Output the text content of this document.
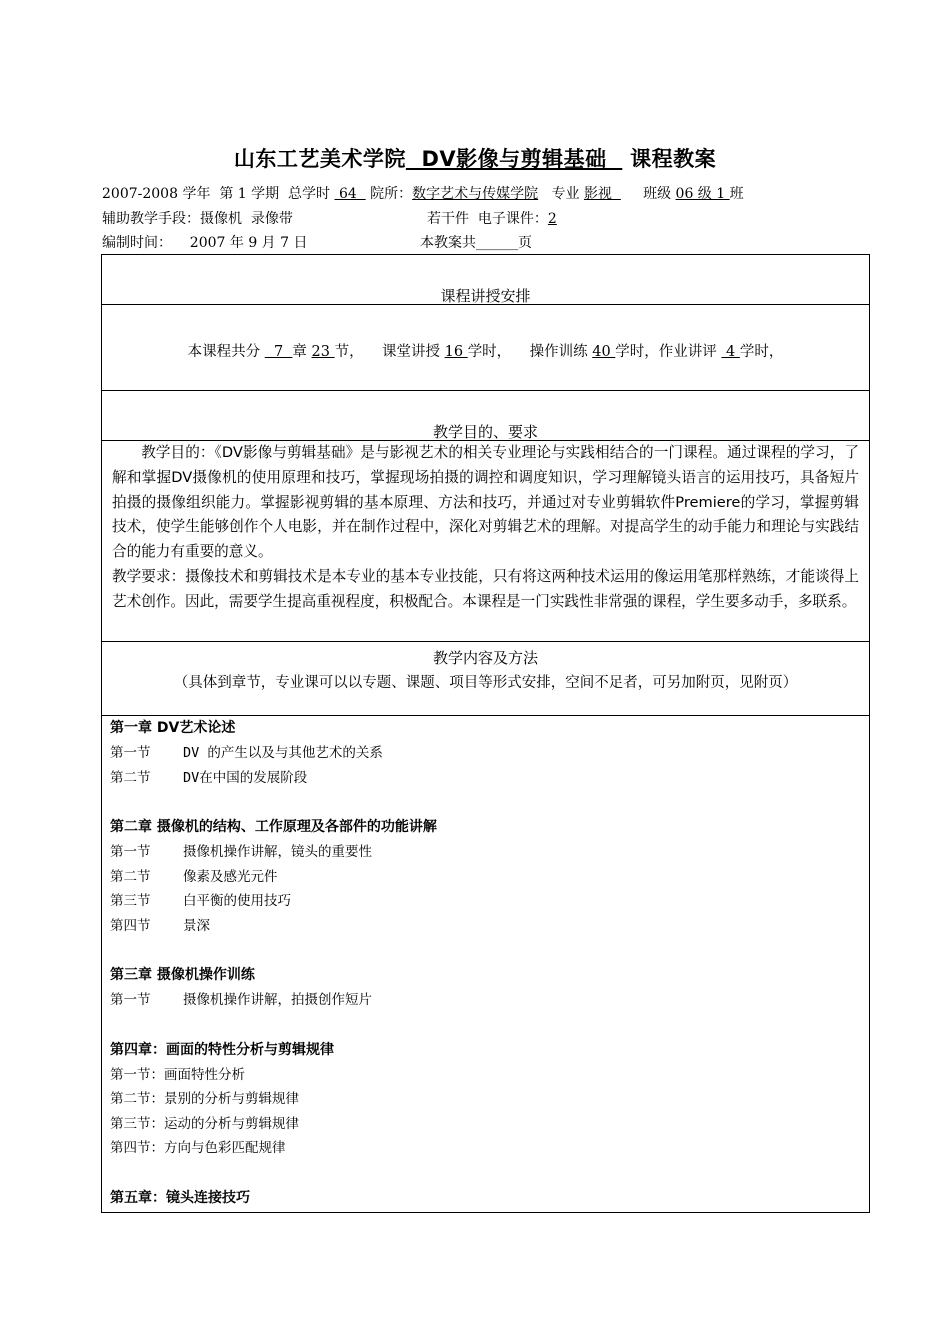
山东工艺美术学院  DV影像与剪辑基础   课程教案
2007-2008 学年  第 1 学期  总学时  64   院所：数字艺术与传媒学院   专业 影视       班级 06 级 1 班
辅助教学手段：摄像机  录像带	若干件  电子课件：2
编制时间：    2007 年 9 月 7 日	本教案共______页
课程讲授安排
本课程共分   7  章 23 节，    课堂讲授 16 学时，    操作训练 40 学时，作业讲评  4 学时，
教学目的、要求

教学目的：《DV影像与剪辑基础》是与影视艺术的相关专业理论与实践相结合的一门课程。通过课程的学习，了解和掌握DV摄像机的使用原理和技巧，掌握现场拍摄的调控和调度知识，学习理解镜头语言的运用技巧，具备短片拍摄的摄像组织能力。掌握影视剪辑的基本原理、方法和技巧，并通过对专业剪辑软件Premiere的学习，掌握剪辑技术，使学生能够创作个人电影，并在制作过程中，深化对剪辑艺术的理解。对提高学生的动手能力和理论与实践结合的能力有重要的意义。

教学要求：摄像技术和剪辑技术是本专业的基本专业技能，只有将这两种技术运用的像运用笔那样熟练，才能谈得上艺术创作。因此，需要学生提高重视程度，积极配合。本课程是一门实践性非常强的课程，学生要多动手，多联系。

教学内容及方法
（具体到章节，专业课可以以专题、课题、项目等形式安排，空间不足者，可另加附页，见附页）
第一章 DV艺术论述
第一节    DV 的产生以及与其他艺术的关系
第二节    DV在中国的发展阶段
第二章 摄像机的结构、工作原理及各部件的功能讲解
第一节    摄像机操作讲解，镜头的重要性
第二节    像素及感光元件
第三节    白平衡的使用技巧
第四节    景深
第三章 摄像机操作训练
第一节    摄像机操作讲解，拍摄创作短片
第四章：画面的特性分析与剪辑规律
第一节：画面特性分析
第二节：景别的分析与剪辑规律
第三节：运动的分析与剪辑规律
第四节：方向与色彩匹配规律
第五章：镜头连接技巧
